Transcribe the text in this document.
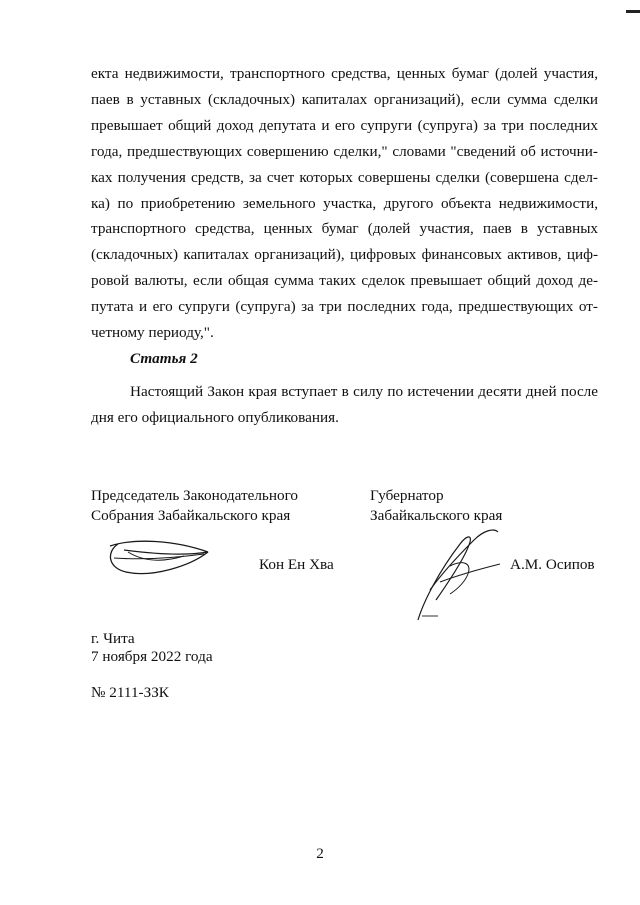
екта недвижимости, транспортного средства, ценных бумаг (долей участия,
паев в уставных (складочных) капиталах организаций), если сумма сделки
превышает общий доход депутата и его супруги (супруга) за три последних
года, предшествующих совершению сделки," словами "сведений об источни-
ках получения средств, за счет которых совершены сделки (совершена сдел-
ка) по приобретению земельного участка, другого объекта недвижимости,
транспортного средства, ценных бумаг (долей участия, паев в уставных
(складочных) капиталах организаций), цифровых финансовых активов, циф-
ровой валюты, если общая сумма таких сделок превышает общий доход де-
путата и его супруги (супруга) за три последних года, предшествующих от-
четному периоду,".

Статья 2

Настоящий Закон края вступает в силу по истечении десяти дней после
дня его официального опубликования.

Председатель Законодательного
Собрания Забайкальского края
Губернатор
Забайкальского края
Кон Ен Хва	А.М. Осипов
г. Чита
7 ноября 2022 года
№ 2111-ЗЗК
2
